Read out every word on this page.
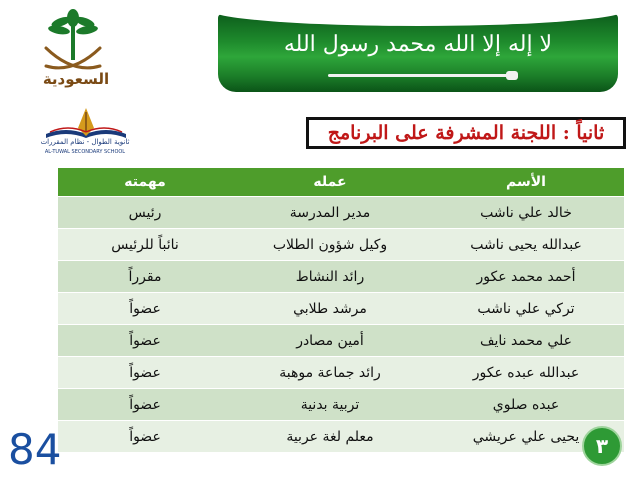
لا إله إلا الله محمد رسول الله
السعودية
ثانوية الطوال - نظام المقررات
AL-TUWAL SECONDARY SCHOOL
ثانياً : اللجنة المشرفة على البرنامج
الأسم	عمله	مهمته
خالد علي ناشب	مدير المدرسة	رئيس
عبدالله يحيى ناشب	وكيل شؤون الطلاب	نائباً للرئيس
أحمد محمد عكور	رائد النشاط	مقرراً
تركي علي ناشب	مرشد طلابي	عضواً
علي محمد نايف	أمين مصادر	عضواً
عبدالله عبده عكور	رائد جماعة موهبة	عضواً
عبده صلوي	تربية بدنية	عضواً
يحيى علي عريشي	معلم لغة عربية	عضواً
84	٣
